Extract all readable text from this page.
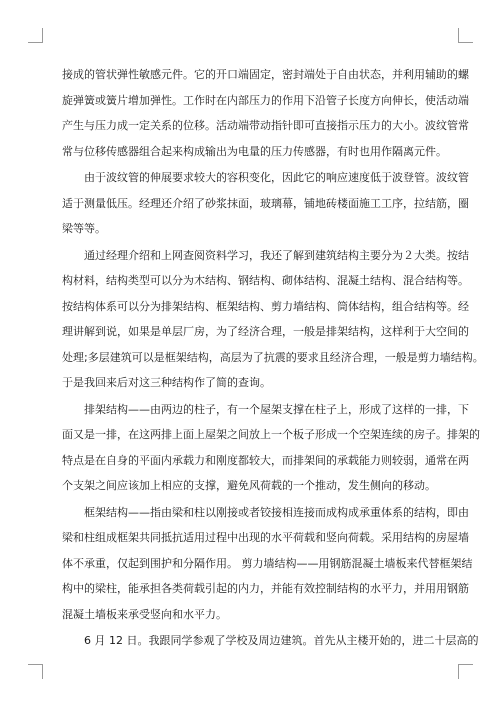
接成的管状弹性敏感元件。它的开口端固定，密封端处于自由状态，并利用辅助的螺
旋弹簧或簧片增加弹性。工作时在内部压力的作用下沿管子长度方向伸长，使活动端
产生与压力成一定关系的位移。活动端带动指针即可直接指示压力的大小。波纹管常
常与位移传感器组合起来构成输出为电量的压力传感器，有时也用作隔离元件。
由于波纹管的伸展要求较大的容积变化，因此它的响应速度低于波登管。波纹管
适于测量低压。经理还介绍了砂浆抹面，玻璃幕，铺地砖楼面施工工序，拉结筋，圈
梁等等。
通过经理介绍和上网查阅资料学习，我还了解到建筑结构主要分为２大类。按结
构材料，结构类型可以分为木结构、钢结构、砌体结构、混凝土结构、混合结构等。
按结构体系可以分为排架结构、框架结构、剪力墙结构、筒体结构，组合结构等。经
理讲解到说，如果是单层厂房，为了经济合理，一般是排架结构，这样利于大空间的
处理;多层建筑可以是框架结构，高层为了抗震的要求且经济合理，一般是剪力墙结构。
于是我回来后对这三种结构作了简的查询。
排架结构——由两边的柱子，有一个屋架支撑在柱子上，形成了这样的一排，下
面又是一排，在这两排上面上屋架之间放上一个板子形成一个空架连续的房子。排架的
特点是在自身的平面内承载力和刚度都较大，而排架间的承载能力则较弱，通常在两
个支架之间应该加上相应的支撑，避免风荷载的一个推动，发生侧向的移动。
框架结构——指由梁和柱以刚接或者铰接相连接而成构成承重体系的结构，即由
梁和柱组成框架共同抵抗适用过程中出现的水平荷载和竖向荷载。采用结构的房屋墙
体不承重，仅起到围护和分隔作用。 剪力墙结构——用钢筋混凝土墙板来代替框架结
构中的梁柱，能承担各类荷载引起的内力，并能有效控制结构的水平力，并用用钢筋
混凝土墙板来承受竖向和水平力。
6 月 12 日。我跟同学参观了学校及周边建筑。首先从主楼开始的，进二十层高的
